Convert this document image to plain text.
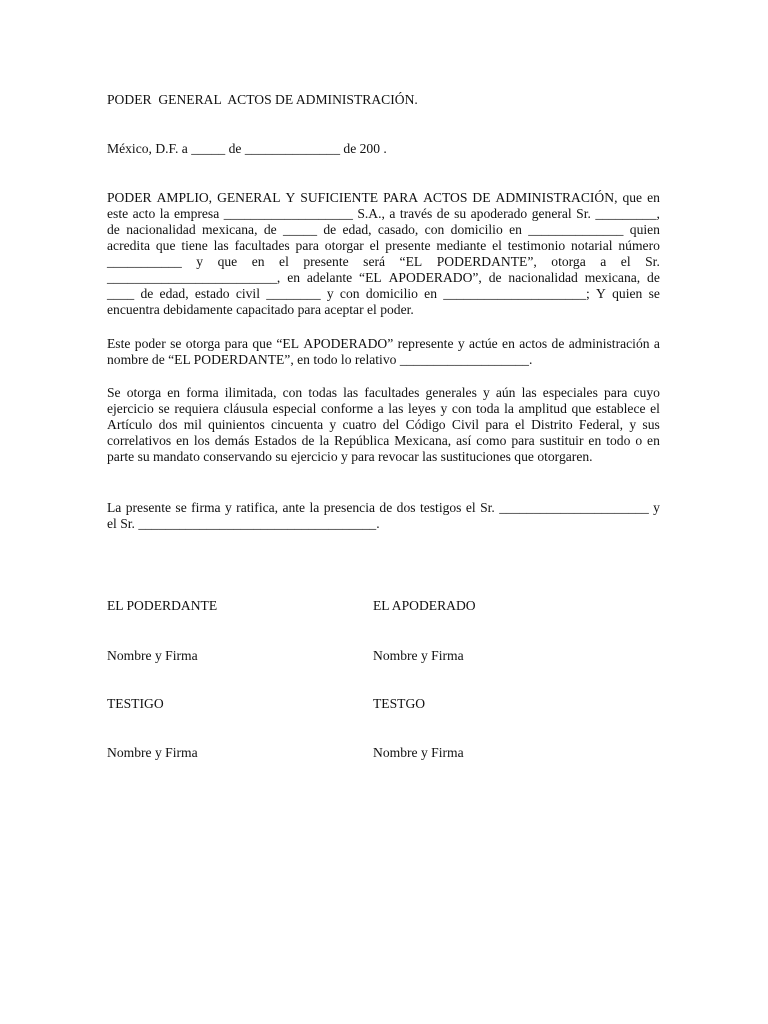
PODER  GENERAL  ACTOS DE ADMINISTRACIÓN.
México, D.F. a _____ de ______________ de 200 .
PODER AMPLIO, GENERAL Y SUFICIENTE PARA ACTOS DE ADMINISTRACIÓN, que en
este acto la empresa ___________________ S.A., a través de su apoderado general Sr. _________,
de nacionalidad mexicana, de _____ de edad, casado, con domicilio en ______________ quien
acredita que tiene las facultades para otorgar el presente mediante el testimonio notarial número
___________ y que en el presente será “EL PODERDANTE”, otorga a el Sr.
_________________________, en adelante “EL APODERADO”, de nacionalidad mexicana, de
____ de edad, estado civil ________ y con domicilio en _____________________; Y quien se
encuentra debidamente capacitado para aceptar el poder.
Este poder se otorga para que “EL APODERADO” represente y actúe en actos de administración a
nombre de “EL PODERDANTE”, en todo lo relativo ___________________.
Se otorga en forma ilimitada, con todas las facultades generales y aún las especiales para cuyo
ejercicio se requiera cláusula especial conforme a las leyes y con toda la amplitud que establece el
Artículo dos mil quinientos cincuenta y cuatro del Código Civil para el Distrito Federal, y sus
correlativos en los demás Estados de la República Mexicana, así como para sustituir en todo o en
parte su mandato conservando su ejercicio y para revocar las sustituciones que otorgaren.
La presente se firma y ratifica, ante la presencia de dos testigos el Sr. ______________________ y
el Sr. ___________________________________.
EL PODERDANTE	EL APODERADO
Nombre y Firma	Nombre y Firma
TESTIGO	TESTGO
Nombre y Firma	Nombre y Firma
